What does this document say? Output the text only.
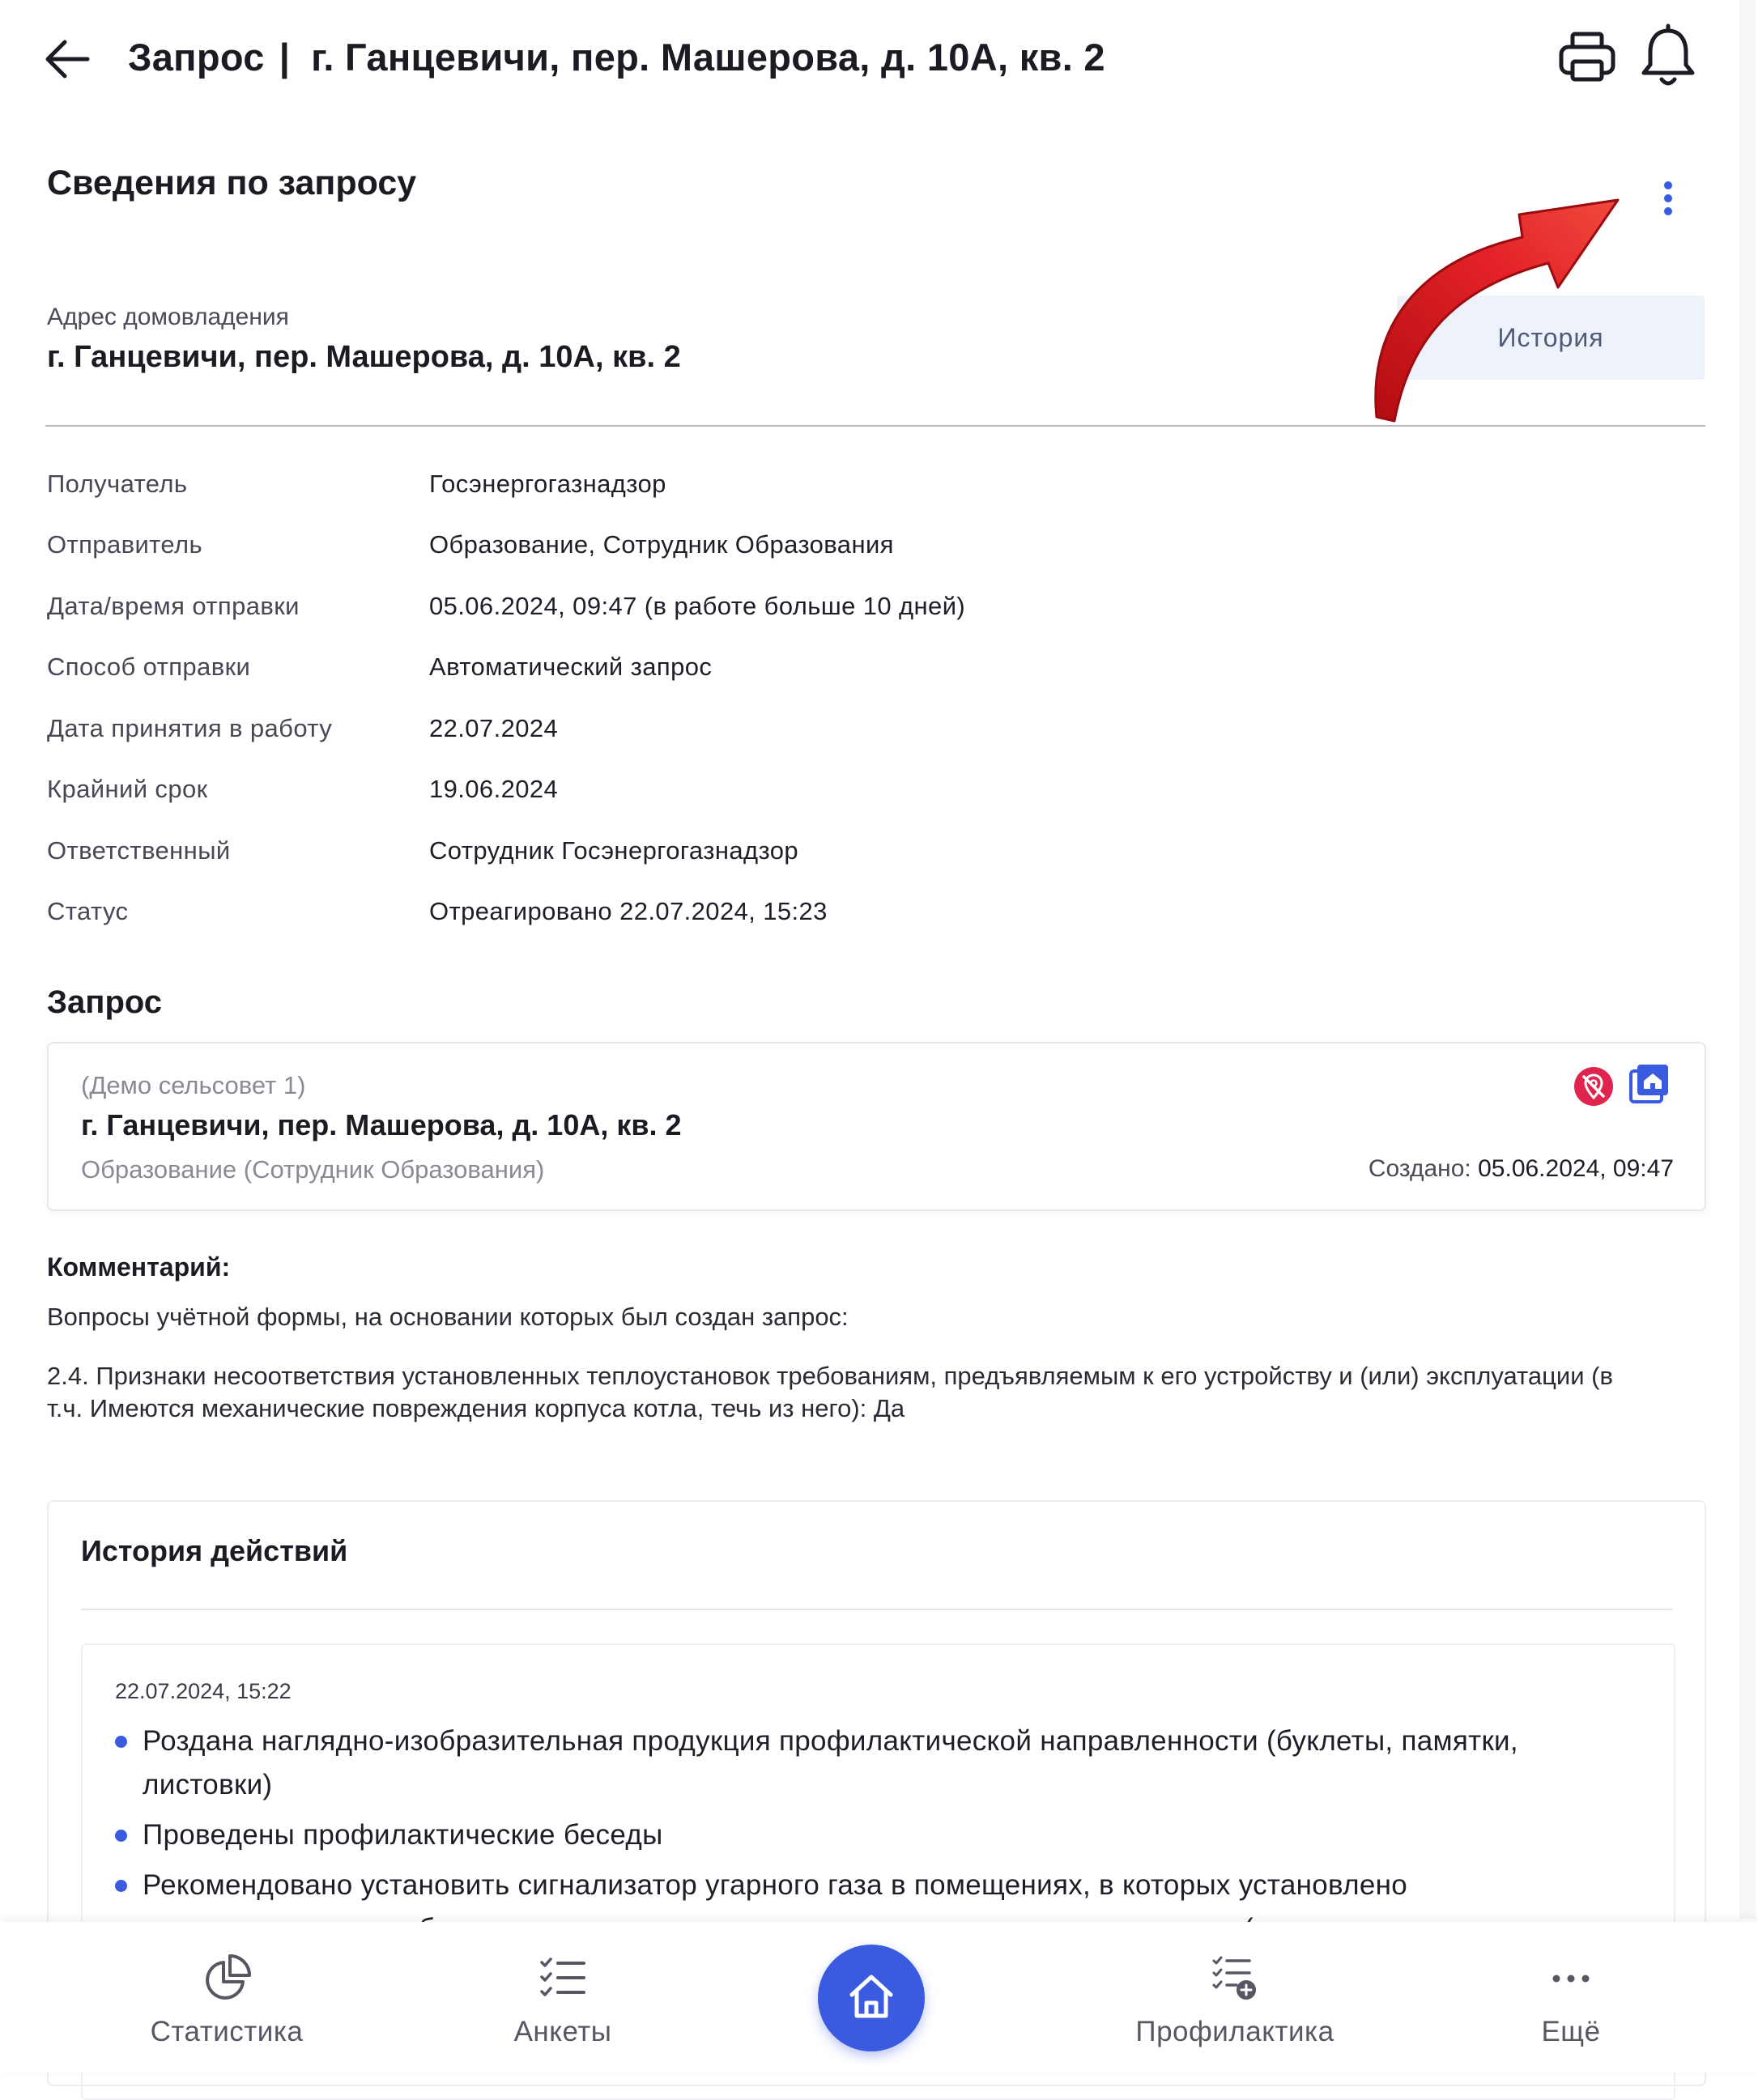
Запрос | г. Ганцевичи, пер. Машерова, д. 10А, кв. 2
Сведения по запросу
Адрес домовладения
г. Ганцевичи, пер. Машерова, д. 10А, кв. 2
История
Получатель	Госэнергогазнадзор
Отправитель	Образование, Сотрудник Образования
Дата/время отправки	05.06.2024, 09:47 (в работе больше 10 дней)
Способ отправки	Автоматический запрос
Дата принятия в работу	22.07.2024
Крайний срок	19.06.2024
Ответственный	Сотрудник Госэнергогазнадзор
Статус	Отреагировано 22.07.2024, 15:23
Запрос
(Демо сельсовет 1)
г. Ганцевичи, пер. Машерова, д. 10А, кв. 2
Образование (Сотрудник Образования)	Создано: 05.06.2024, 09:47
Комментарий:
Вопросы учётной формы, на основании которых был создан запрос:
2.4. Признаки несоответствия установленных теплоустановок требованиям, предъявляемым к его устройству и (или) эксплуатации (в т.ч. Имеются механические повреждения корпуса котла, течь из него): Да
История действий
22.07.2024, 15:22
Роздана наглядно-изобразительная продукция профилактической направленности (буклеты, памятки, листовки)
Проведены профилактические беседы
Рекомендовано установить сигнализатор угарного газа в помещениях, в которых установлено
Статистика	Анкеты	Профилактика	Ещё
